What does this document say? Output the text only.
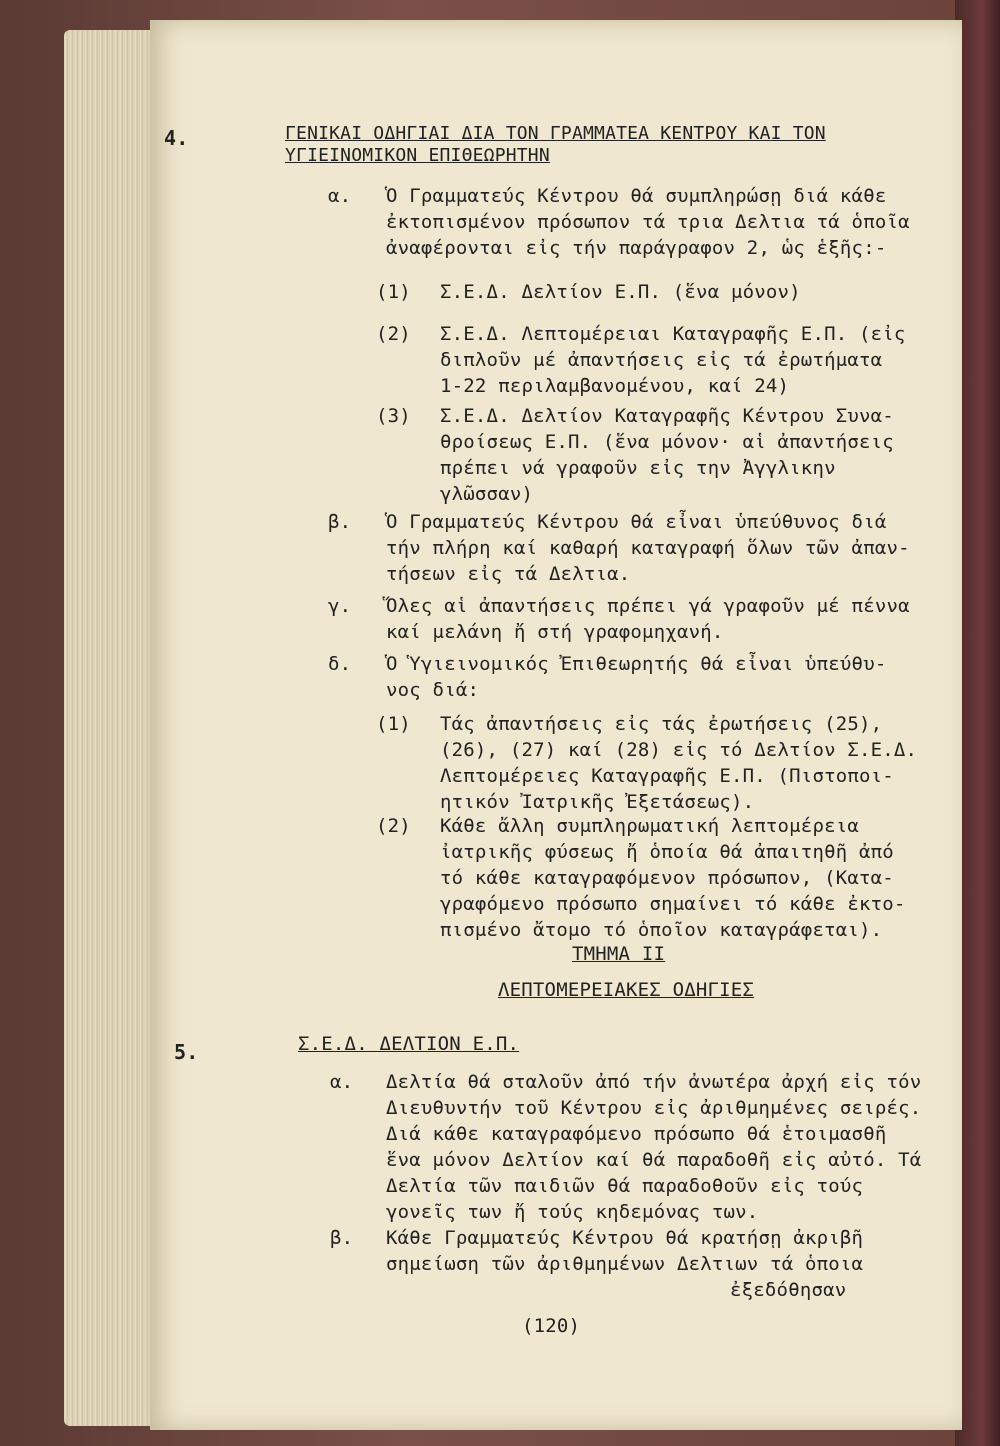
4.	ΓΕΝΙΚΑΙ ΟΔΗΓΙΑΙ ΔΙΑ ΤΟΝ ΓΡΑΜΜΑΤΕΑ ΚΕΝΤΡΟΥ ΚΑΙ ΤΟΝ
ΥΓΙΕΙΝΟΜΙΚΟΝ ΕΠΙΘΕΩΡΗΤΗΝ
α. Ὁ Γραμματεύς Κέντρου θά συμπληρώσῃ διά κάθε
ἐκτοπισμένον πρόσωπον τά τρια Δελτια τά ὁποῖα
ἀναφέρονται εἰς τήν παράγραφον 2, ὡς ἑξῆς:-
(1) Σ.Ε.Δ. Δελτίον Ε.Π. (ἕνα μόνον)
(2) Σ.Ε.Δ. Λεπτομέρειαι Καταγραφῆς Ε.Π. (εἰς
διπλοῦν μέ ἀπαντήσεις εἰς τά ἐρωτήματα
1-22 περιλαμβανομένου, καί 24)
(3) Σ.Ε.Δ. Δελτίον Καταγραφῆς Κέντρου Συνα-
θροίσεως Ε.Π. (ἕνα μόνον· αἱ ἀπαντήσεις
πρέπει νά γραφοῦν εἰς την Ἀγγλικην
γλῶσσαν)
β. Ὁ Γραμματεύς Κέντρου θά εἶναι ὑπεύθυνος διά
τήν πλήρη καί καθαρή καταγραφή ὅλων τῶν ἀπαν-
τήσεων εἰς τά Δελτια.
γ. Ὅλες αἱ ἀπαντήσεις πρέπει γά γραφοῦν μέ πέννα
καί μελάνη ἤ στή γραφομηχανή.
δ. Ὁ Ὑγιεινομικός Ἐπιθεωρητής θά εἶναι ὑπεύθυ-
νος διά:
(1) Τάς ἀπαντήσεις εἰς τάς ἐρωτήσεις (25),
(26), (27) καί (28) εἰς τό Δελτίον Σ.Ε.Δ.
Λεπτομέρειες Καταγραφῆς Ε.Π. (Πιστοποι-
ητικόν Ἰατρικῆς Ἐξετάσεως).
(2) Κάθε ἄλλη συμπληρωματική λεπτομέρεια
ἰατρικῆς φύσεως ἤ ὁποία θά ἀπαιτηθῆ ἀπό
τό κάθε καταγραφόμενον πρόσωπον, (Κατα-
γραφόμενο πρόσωπο σημαίνει τό κάθε ἐκτο-
πισμένο ἄτομο τό ὁποῖον καταγράφεται).
ΤΜΗΜΑ ΙΙ
ΛΕΠΤΟΜΕΡΕΙΑΚΕΣ ΟΔΗΓΙΕΣ
5.	Σ.Ε.Δ. ΔΕΛΤΙΟΝ Ε.Π.
α. Δελτία θά σταλοῦν ἀπό τήν ἀνωτέρα ἀρχή εἰς τόν
Διευθυντήν τοῦ Κέντρου εἰς ἀριθμημένες σειρές.
Διά κάθε καταγραφόμενο πρόσωπο θά ἑτοιμασθῆ
ἕνα μόνον Δελτίον καί θά παραδοθῆ εἰς αὐτό. Τά
Δελτία τῶν παιδιῶν θά παραδοθοῦν εἰς τούς
γονεῖς των ἤ τούς κηδεμόνας των.
β. Κάθε Γραμματεύς Κέντρου θά κρατήσῃ ἀκριβῆ
σημείωση τῶν ἀριθμημένων Δελτιων τά ὁποια
ἐξεδόθησαν
(120)
